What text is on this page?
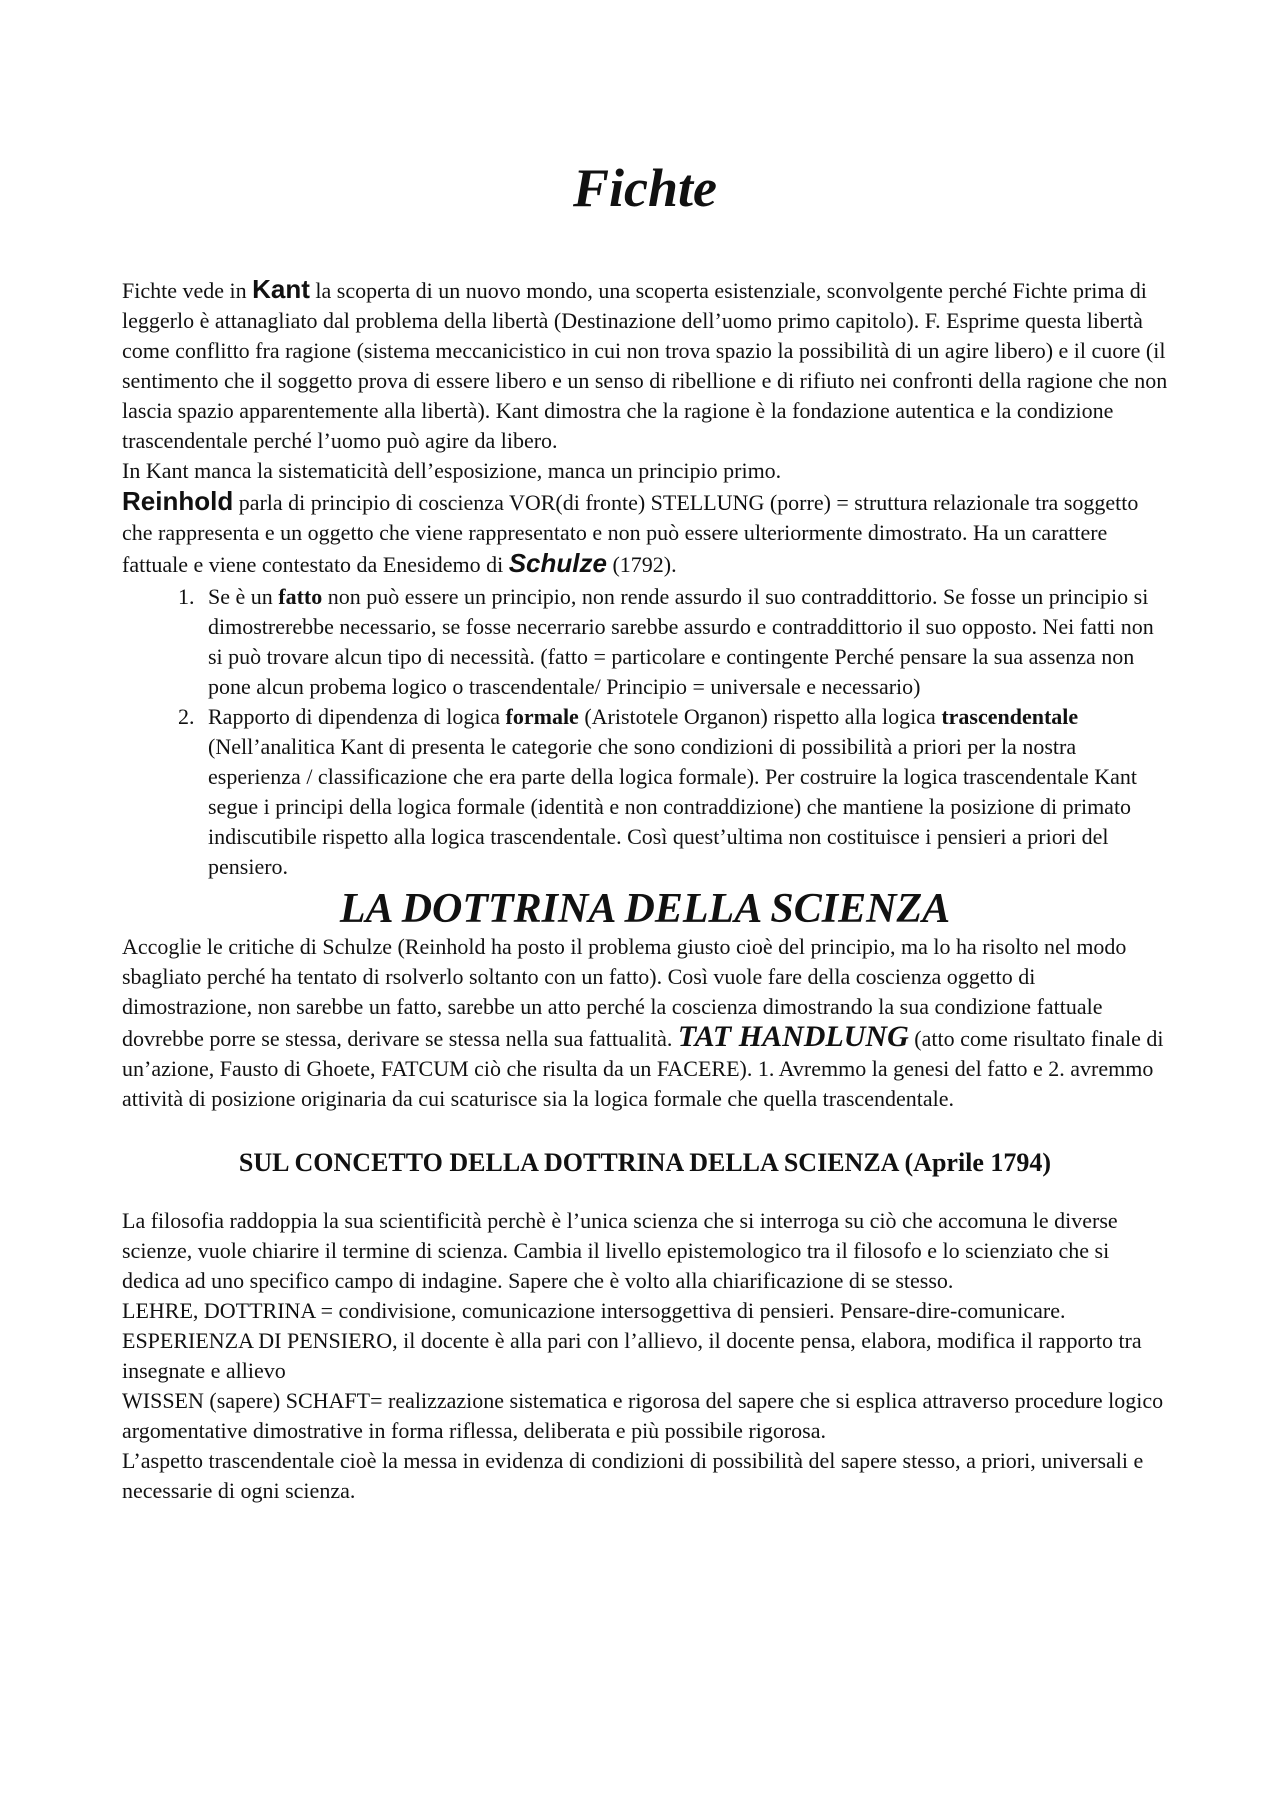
Fichte

Fichte vede in Kant la scoperta di un nuovo mondo, una scoperta esistenziale, sconvolgente perché Fichte prima di leggerlo è attanagliato dal problema della libertà (Destinazione dell’uomo primo capitolo). F. Esprime questa libertà come conflitto fra ragione (sistema meccanicistico in cui non trova spazio la possibilità di un agire libero) e il cuore (il sentimento che il soggetto prova di essere libero e un senso di ribellione e di rifiuto nei confronti della ragione che non lascia spazio apparentemente alla libertà). Kant dimostra che la ragione è la fondazione autentica e la condizione trascendentale perché l’uomo può agire da libero.

In Kant manca la sistematicità dell’esposizione, manca un principio primo.

Reinhold parla di principio di coscienza VOR(di fronte) STELLUNG (porre) = struttura relazionale tra soggetto che rappresenta e un oggetto che viene rappresentato e non può essere ulteriormente dimostrato. Ha un carattere fattuale e viene contestato da Enesidemo di Schulze (1792).

1. Se è un fatto non può essere un principio, non rende assurdo il suo contraddittorio. Se fosse un principio si dimostrerebbe necessario, se fosse necerrario sarebbe assurdo e contraddittorio il suo opposto. Nei fatti non si può trovare alcun tipo di necessità. (fatto = particolare e contingente Perché pensare la sua assenza non pone alcun probema logico o trascendentale/ Principio = universale e necessario)
2. Rapporto di dipendenza di logica formale (Aristotele Organon) rispetto alla logica trascendentale (Nell’analitica Kant di presenta le categorie che sono condizioni di possibilità a priori per la nostra esperienza / classificazione che era parte della logica formale). Per costruire la logica trascendentale Kant segue i principi della logica formale (identità e non contraddizione) che mantiene la posizione di primato indiscutibile rispetto alla logica trascendentale. Così quest’ultima non costituisce i pensieri a priori del pensiero.
LA DOTTRINA DELLA SCIENZA

Accoglie le critiche di Schulze (Reinhold ha posto il problema giusto cioè del principio, ma lo ha risolto nel modo sbagliato perché ha tentato di rsolverlo soltanto con un fatto). Così vuole fare della coscienza oggetto di dimostrazione, non sarebbe un fatto, sarebbe un atto perché la coscienza dimostrando la sua condizione fattuale dovrebbe porre se stessa, derivare se stessa nella sua fattualità. TAT HANDLUNG (atto come risultato finale di un’azione, Fausto di Ghoete, FATCUM ciò che risulta da un FACERE). 1. Avremmo la genesi del fatto e 2. avremmo attività di posizione originaria da cui scaturisce sia la logica formale che quella trascendentale.

SUL CONCETTO DELLA DOTTRINA DELLA SCIENZA (Aprile 1794)

La filosofia raddoppia la sua scientificità perchè è l’unica scienza che si interroga su ciò che accomuna le diverse scienze, vuole chiarire il termine di scienza. Cambia il livello epistemologico tra il filosofo e lo scienziato che si dedica ad uno specifico campo di indagine. Sapere che è volto alla chiarificazione di se stesso.

LEHRE, DOTTRINA = condivisione, comunicazione intersoggettiva di pensieri. Pensare-dire-comunicare. ESPERIENZA DI PENSIERO, il docente è alla pari con l’allievo, il docente pensa, elabora, modifica il rapporto tra insegnate e allievo

WISSEN (sapere) SCHAFT= realizzazione sistematica e rigorosa del sapere che si esplica attraverso procedure logico argomentative dimostrative in forma riflessa, deliberata e più possibile rigorosa.

L’aspetto trascendentale cioè la messa in evidenza di condizioni di possibilità del sapere stesso, a priori, universali e necessarie di ogni scienza.
